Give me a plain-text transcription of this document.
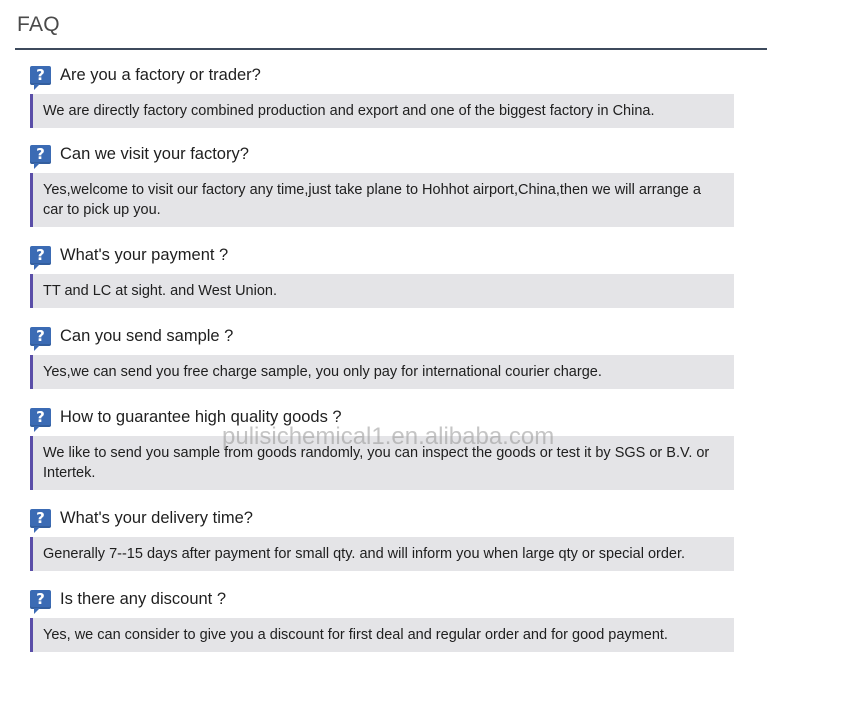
FAQ
? Are you a factory or trader?
We are directly factory combined production and export and one of the biggest factory in China.
? Can we visit your factory?
Yes,welcome to visit our factory any time,just take plane to Hohhot airport,China,then we will arrange a car to pick up you.
? What's your payment ?
TT and LC at sight. and West Union.
? Can you send sample ?
Yes,we can send you free charge sample, you only pay for international courier charge.
? How to guarantee high quality goods ?
We like to send you sample from goods randomly, you can inspect the goods or test it by SGS or B.V. or Intertek.
? What's your delivery time?
Generally 7--15 days after payment for small qty. and will inform you when large qty or special order.
? Is there any discount ?
Yes, we can consider to give you a discount for first deal and regular order and for good payment.
pulisichemical1.en.alibaba.com
